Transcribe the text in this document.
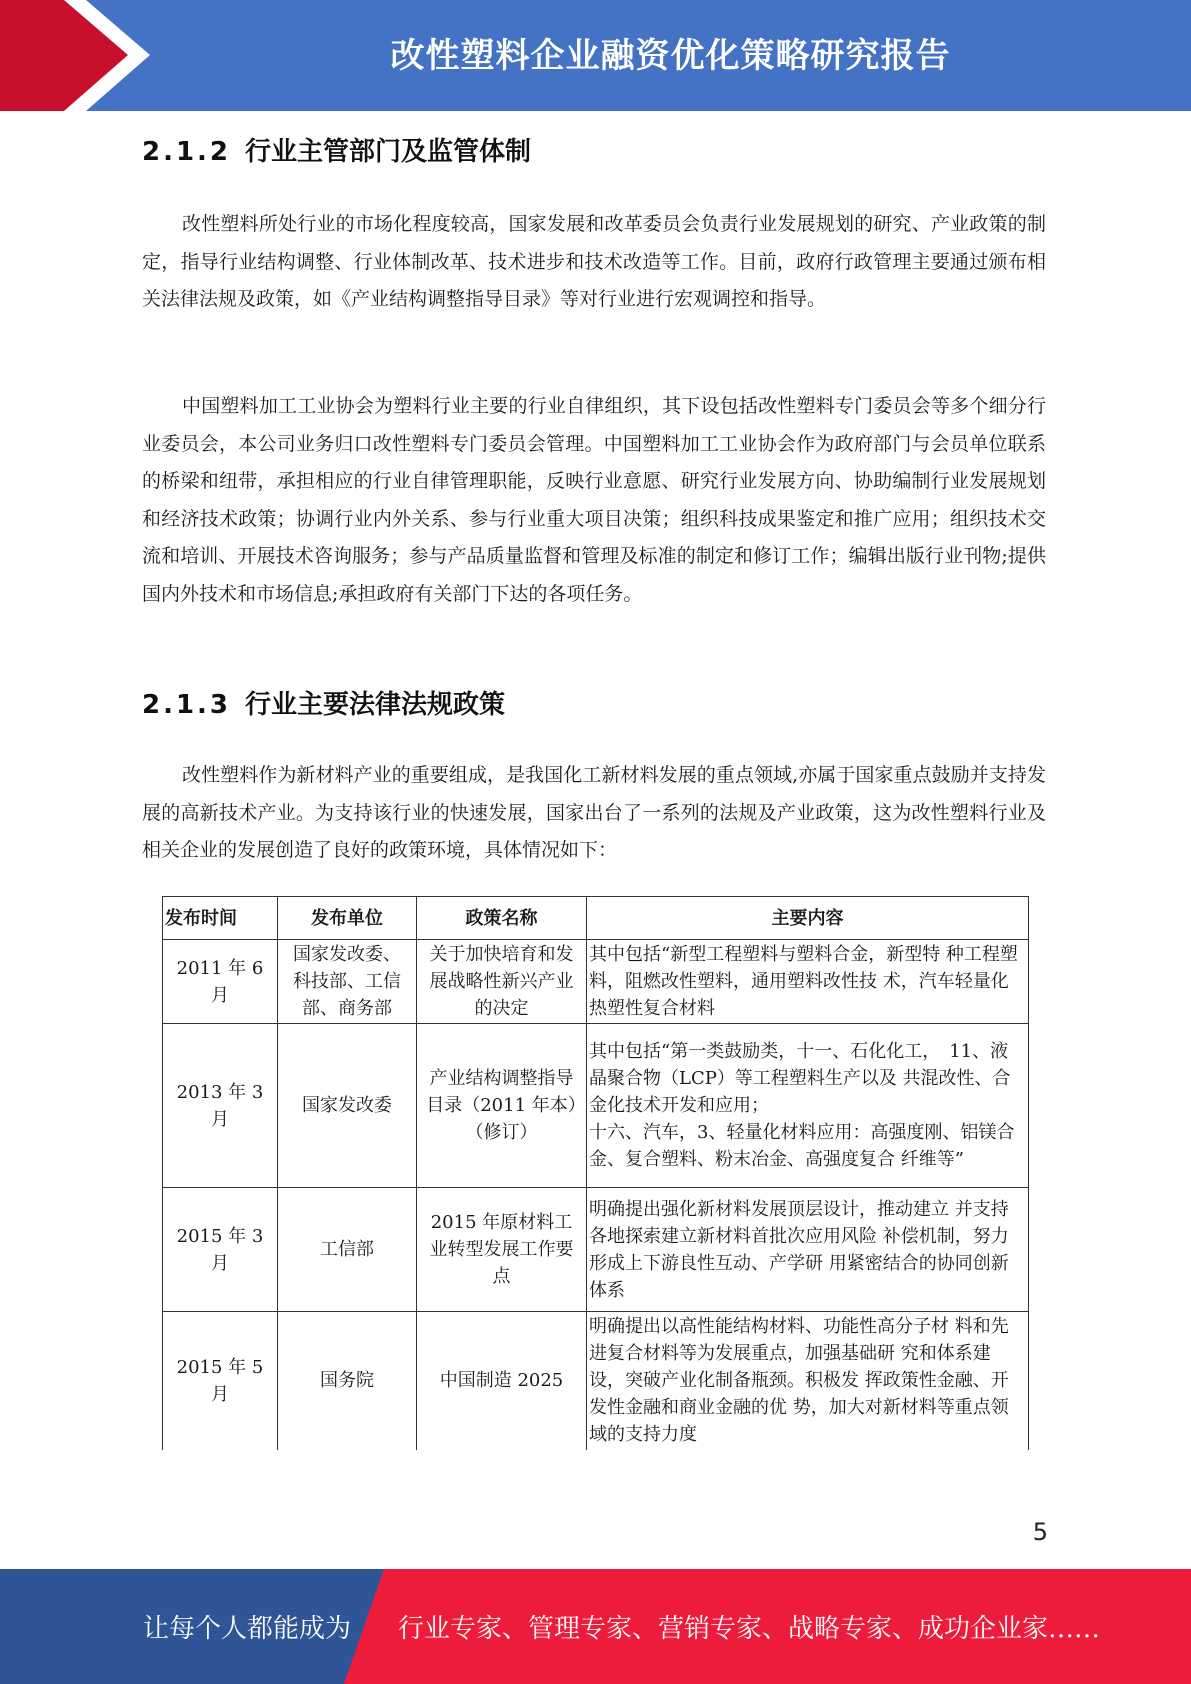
改性塑料企业融资优化策略研究报告
2.1.2 行业主管部门及监管体制

改性塑料所处行业的市场化程度较高，国家发展和改革委员会负责行业发展规划的研究、产业政策的制定，指导行业结构调整、行业体制改革、技术进步和技术改造等工作。目前，政府行政管理主要通过颁布相关法律法规及政策，如《产业结构调整指导目录》等对行业进行宏观调控和指导。

中国塑料加工工业协会为塑料行业主要的行业自律组织，其下设包括改性塑料专门委员会等多个细分行业委员会，本公司业务归口改性塑料专门委员会管理。中国塑料加工工业协会作为政府部门与会员单位联系的桥梁和纽带，承担相应的行业自律管理职能，反映行业意愿、研究行业发展方向、协助编制行业发展规划和经济技术政策；协调行业内外关系、参与行业重大项目决策；组织科技成果鉴定和推广应用；组织技术交流和培训、开展技术咨询服务；参与产品质量监督和管理及标准的制定和修订工作；编辑出版行业刊物;提供国内外技术和市场信息;承担政府有关部门下达的各项任务。

2.1.3 行业主要法律法规政策

改性塑料作为新材料产业的重要组成，是我国化工新材料发展的重点领域,亦属于国家重点鼓励并支持发展的高新技术产业。为支持该行业的快速发展，国家出台了一系列的法规及产业政策，这为改性塑料行业及相关企业的发展创造了良好的政策环境，具体情况如下：

发布时间	发布单位	政策名称	主要内容
2011 年 6 月	国家发改委、科技部、工信部、商务部	关于加快培育和发展战略性新兴产业的决定	其中包括“新型工程塑料与塑料合金，新型特 种工程塑料，阻燃改性塑料，通用塑料改性技 术，汽车轻量化热塑性复合材料
2013 年 3 月	国家发改委	产业结构调整指导目录（2011 年本）（修订）	其中包括“第一类鼓励类，十一、石化化工，　11、液晶聚合物（LCP）等工程塑料生产以及 共混改性、合金化技术开发和应用；
十六、汽车，3、轻量化材料应用：高强度刚、铝镁合金、复合塑料、粉末冶金、高强度复合 纤维等”
2015 年 3 月	工信部	2015 年原材料工业转型发展工作要点	明确提出强化新材料发展顶层设计，推动建立 并支持各地探索建立新材料首批次应用风险 补偿机制，努力形成上下游良性互动、产学研 用紧密结合的协同创新体系
2015 年 5 月	国务院	中国制造 2025	明确提出以高性能结构材料、功能性高分子材 料和先进复合材料等为发展重点，加强基础研 究和体系建设，突破产业化制备瓶颈。积极发 挥政策性金融、开发性金融和商业金融的优 势，加大对新材料等重点领域的支持力度
5
让每个人都能成为 行业专家、管理专家、营销专家、战略专家、成功企业家……
